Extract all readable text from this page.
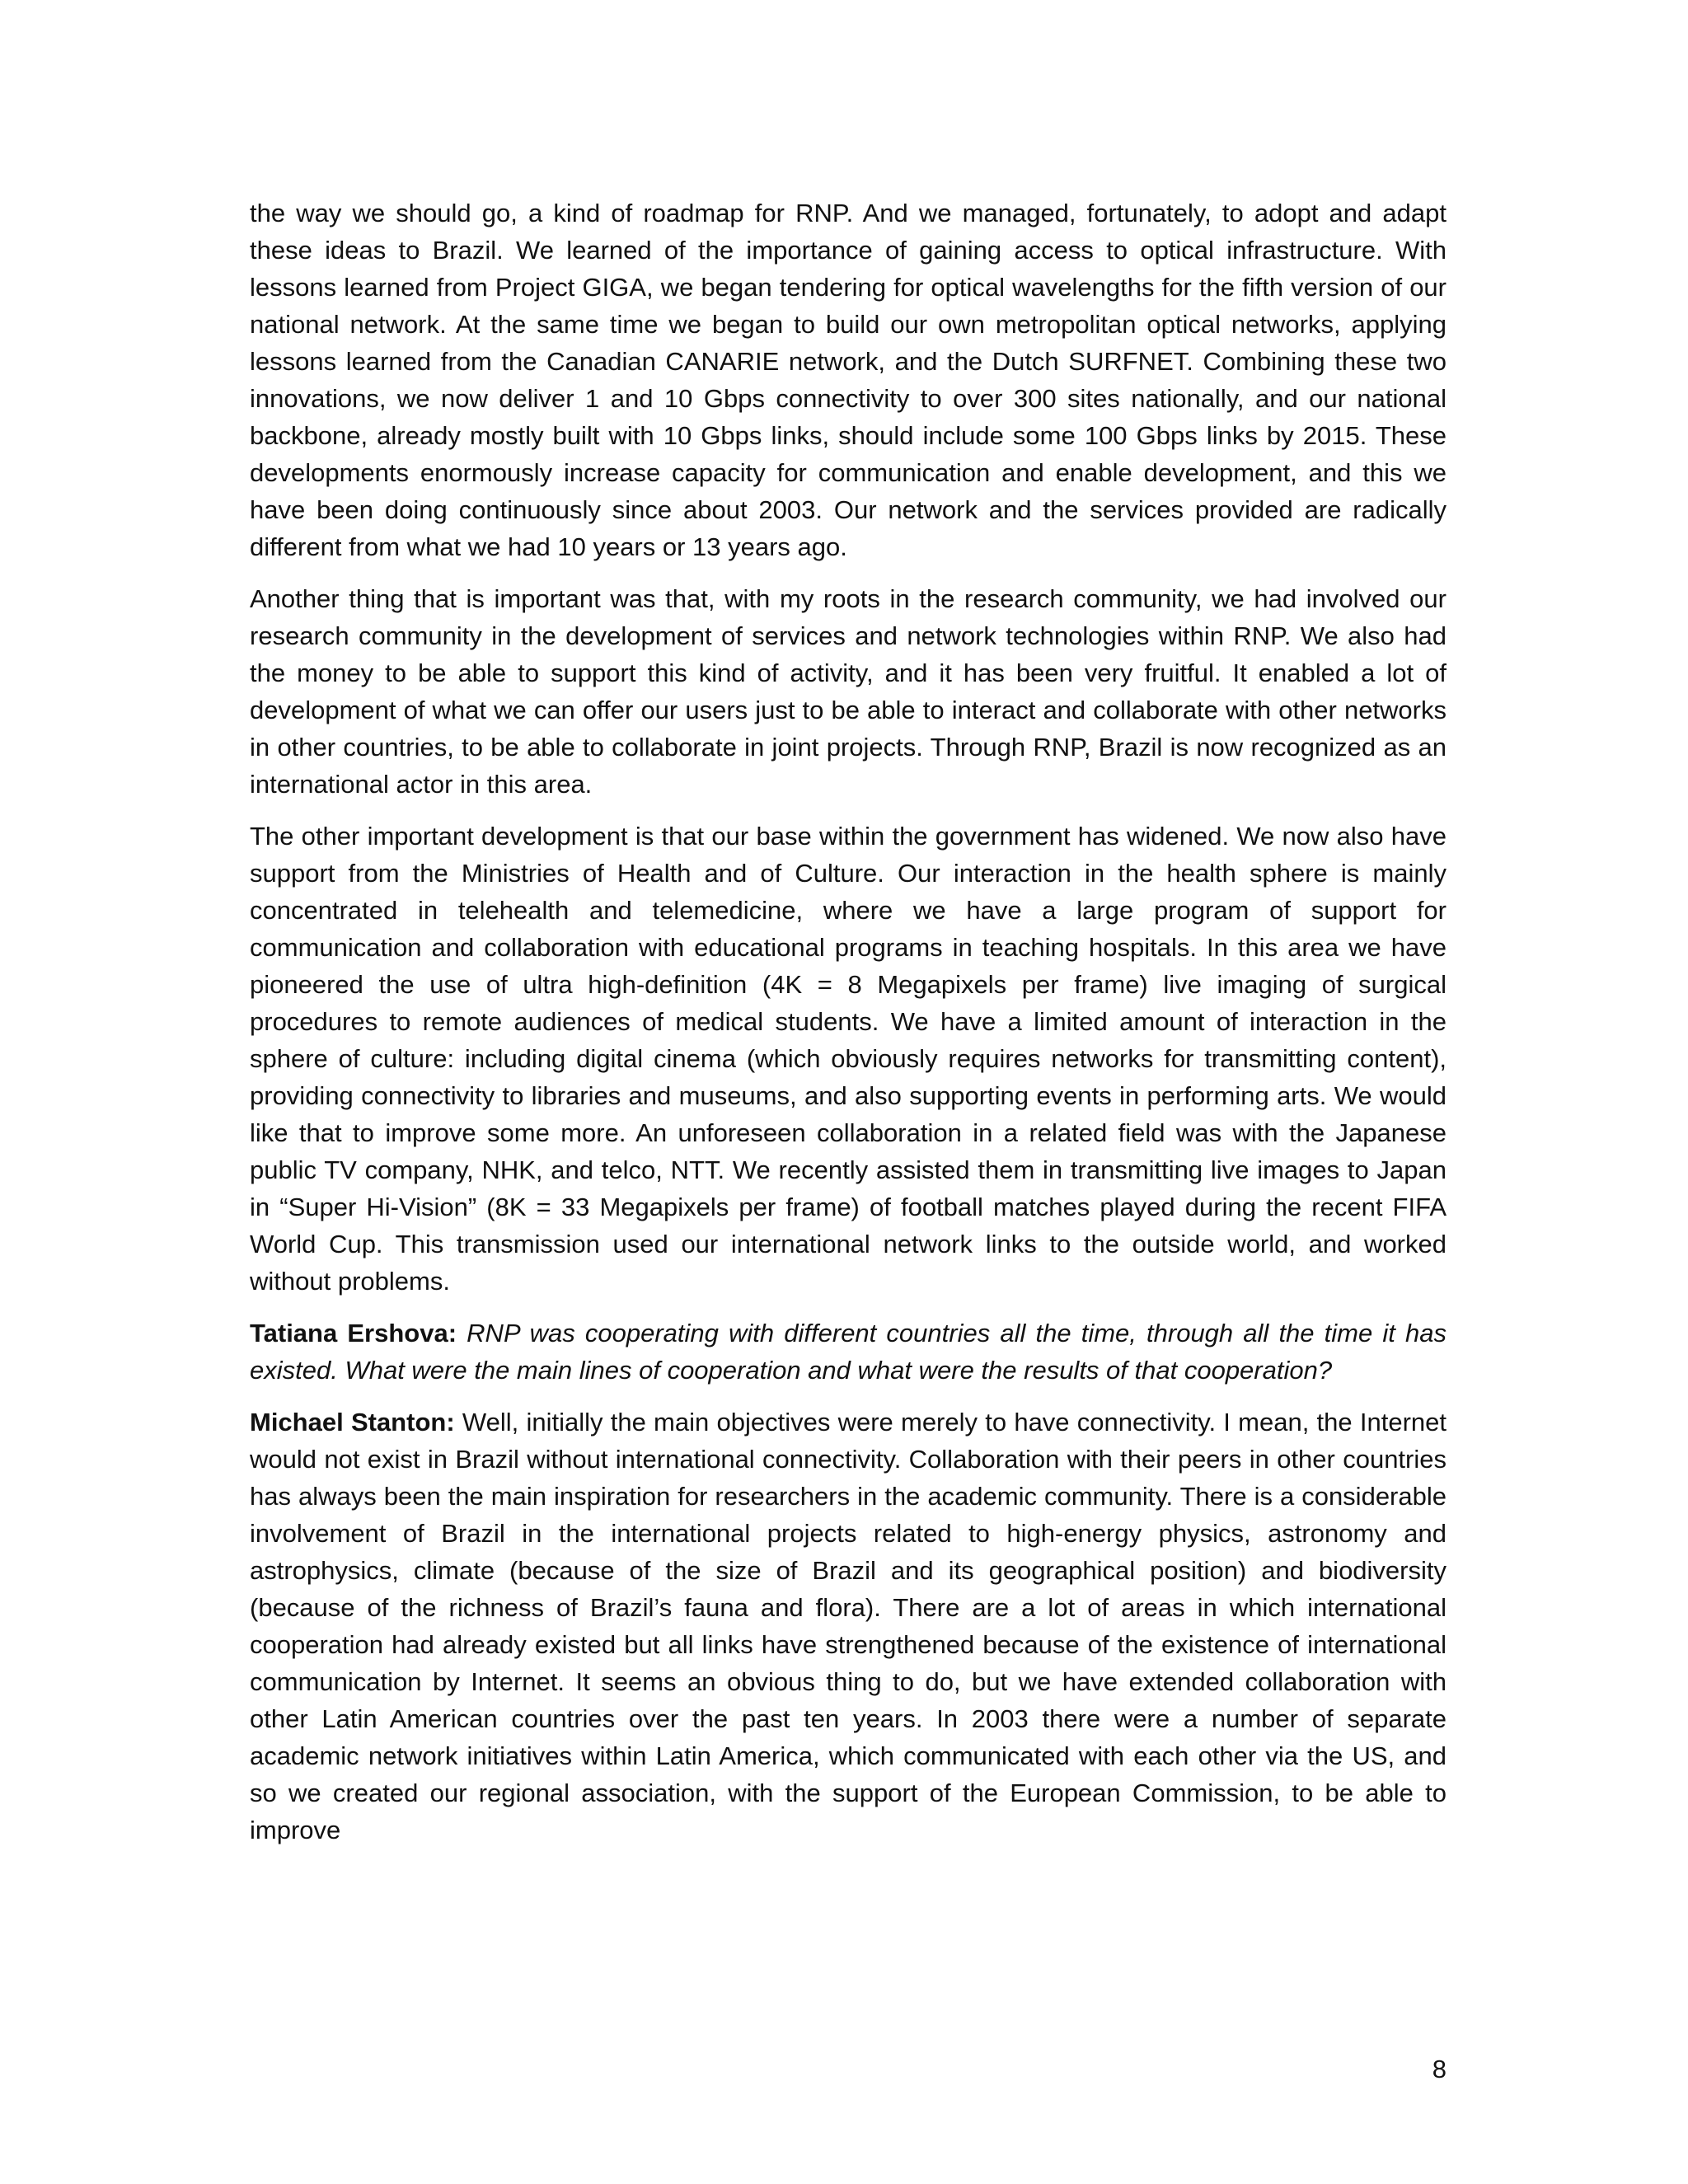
the way we should go, a kind of roadmap for RNP. And we managed, fortunately, to adopt and adapt these ideas to Brazil. We learned of the importance of gaining access to optical infrastructure. With lessons learned from Project GIGA, we began tendering for optical wavelengths for the fifth version of our national network. At the same time we began to build our own metropolitan optical networks, applying lessons learned from the Canadian CANARIE network, and the Dutch SURFNET. Combining these two innovations, we now deliver 1 and 10 Gbps connectivity to over 300 sites nationally, and our national backbone, already mostly built with 10 Gbps links, should include some 100 Gbps links by 2015. These developments enormously increase capacity for communication and enable development, and this we have been doing continuously since about 2003. Our network and the services provided are radically different from what we had 10 years or 13 years ago.

Another thing that is important was that, with my roots in the research community, we had involved our research community in the development of services and network technologies within RNP. We also had the money to be able to support this kind of activity, and it has been very fruitful. It enabled a lot of development of what we can offer our users just to be able to interact and collaborate with other networks in other countries, to be able to collaborate in joint projects. Through RNP, Brazil is now recognized as an international actor in this area.

The other important development is that our base within the government has widened. We now also have support from the Ministries of Health and of Culture. Our interaction in the health sphere is mainly concentrated in telehealth and telemedicine, where we have a large program of support for communication and collaboration with educational programs in teaching hospitals. In this area we have pioneered the use of ultra high-definition (4K = 8 Megapixels per frame) live imaging of surgical procedures to remote audiences of medical students. We have a limited amount of interaction in the sphere of culture: including digital cinema (which obviously requires networks for transmitting content), providing connectivity to libraries and museums, and also supporting events in performing arts. We would like that to improve some more. An unforeseen collaboration in a related field was with the Japanese public TV company, NHK, and telco, NTT. We recently assisted them in transmitting live images to Japan in “Super Hi-Vision” (8K = 33 Megapixels per frame) of football matches played during the recent FIFA World Cup. This transmission used our international network links to the outside world, and worked without problems.

Tatiana Ershova: RNP was cooperating with different countries all the time, through all the time it has existed. What were the main lines of cooperation and what were the results of that cooperation?

Michael Stanton: Well, initially the main objectives were merely to have connectivity. I mean, the Internet would not exist in Brazil without international connectivity. Collaboration with their peers in other countries has always been the main inspiration for researchers in the academic community. There is a considerable involvement of Brazil in the international projects related to high-energy physics, astronomy and astrophysics, climate (because of the size of Brazil and its geographical position) and biodiversity (because of the richness of Brazil’s fauna and flora). There are a lot of areas in which international cooperation had already existed but all links have strengthened because of the existence of international communication by Internet. It seems an obvious thing to do, but we have extended collaboration with other Latin American countries over the past ten years. In 2003 there were a number of separate academic network initiatives within Latin America, which communicated with each other via the US, and so we created our regional association, with the support of the European Commission, to be able to improve

8
